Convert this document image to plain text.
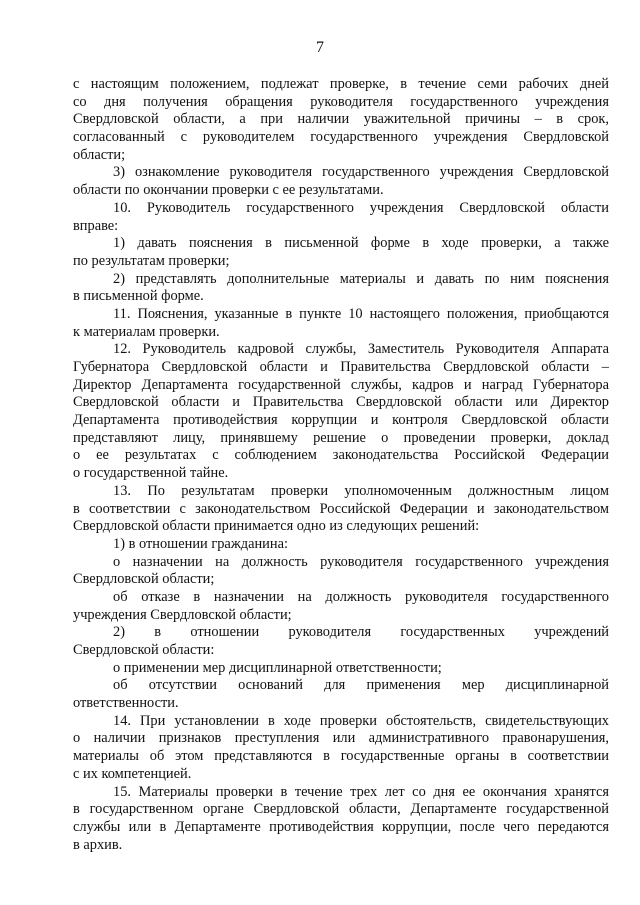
7
с настоящим положением, подлежат проверке, в течение семи рабочих дней
со дня получения обращения руководителя государственного учреждения
Свердловской области, а при наличии уважительной причины – в срок,
согласованный с руководителем государственного учреждения Свердловской
области;
3) ознакомление руководителя государственного учреждения Свердловской
области по окончании проверки с ее результатами.
10. Руководитель государственного учреждения Свердловской области
вправе:
1) давать пояснения в письменной форме в ходе проверки, а также
по результатам проверки;
2) представлять дополнительные материалы и давать по ним пояснения
в письменной форме.
11. Пояснения, указанные в пункте 10 настоящего положения, приобщаются
к материалам проверки.
12. Руководитель кадровой службы, Заместитель Руководителя Аппарата
Губернатора Свердловской области и Правительства Свердловской области –
Директор Департамента государственной службы, кадров и наград Губернатора
Свердловской области и Правительства Свердловской области или Директор
Департамента противодействия коррупции и контроля Свердловской области
представляют лицу, принявшему решение о проведении проверки, доклад
о ее результатах с соблюдением законодательства Российской Федерации
о государственной тайне.
13. По результатам проверки уполномоченным должностным лицом
в соответствии с законодательством Российской Федерации и законодательством
Свердловской области принимается одно из следующих решений:
1) в отношении гражданина:
о назначении на должность руководителя государственного учреждения
Свердловской области;
об отказе в назначении на должность руководителя государственного
учреждения Свердловской области;
2) в отношении руководителя государственных учреждений
Свердловской области:
о применении мер дисциплинарной ответственности;
об отсутствии оснований для применения мер дисциплинарной
ответственности.
14. При установлении в ходе проверки обстоятельств, свидетельствующих
о наличии признаков преступления или административного правонарушения,
материалы об этом представляются в государственные органы в соответствии
с их компетенцией.
15. Материалы проверки в течение трех лет со дня ее окончания хранятся
в государственном органе Свердловской области, Департаменте государственной
службы или в Департаменте противодействия коррупции, после чего передаются
в архив.
